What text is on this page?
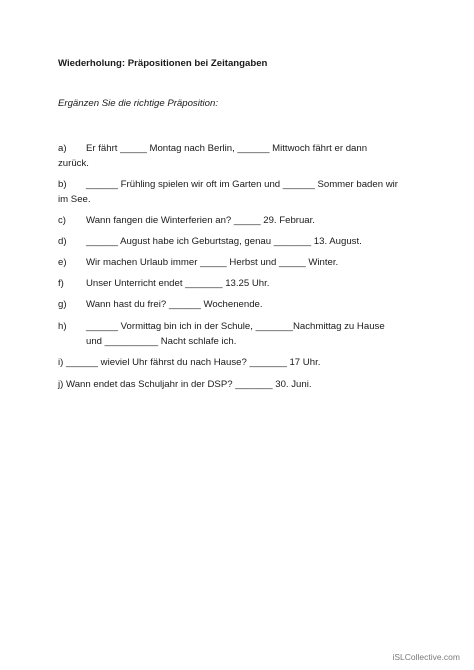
Wiederholung: Präpositionen bei Zeitangaben
Ergänzen Sie die richtige Präposition:
a) Er fährt _____ Montag nach Berlin, ______ Mittwoch fährt er dann
zurück.
b) ______ Frühling spielen wir oft im Garten und ______ Sommer baden wir
im See.
c) Wann fangen die Winterferien an? _____ 29. Februar.
d) ______ August habe ich Geburtstag, genau _______ 13. August.
e) Wir machen Urlaub immer _____ Herbst und _____ Winter.
f) Unser Unterricht endet _______ 13.25 Uhr.
g) Wann hast du frei? ______ Wochenende.
h) ______ Vormittag bin ich in der Schule, _______Nachmittag zu Hause
und __________ Nacht schlafe ich.
i) ______ wieviel Uhr fährst du nach Hause? _______ 17 Uhr.
j) Wann endet das Schuljahr in der DSP? _______ 30. Juni.
iSLCollective.com
